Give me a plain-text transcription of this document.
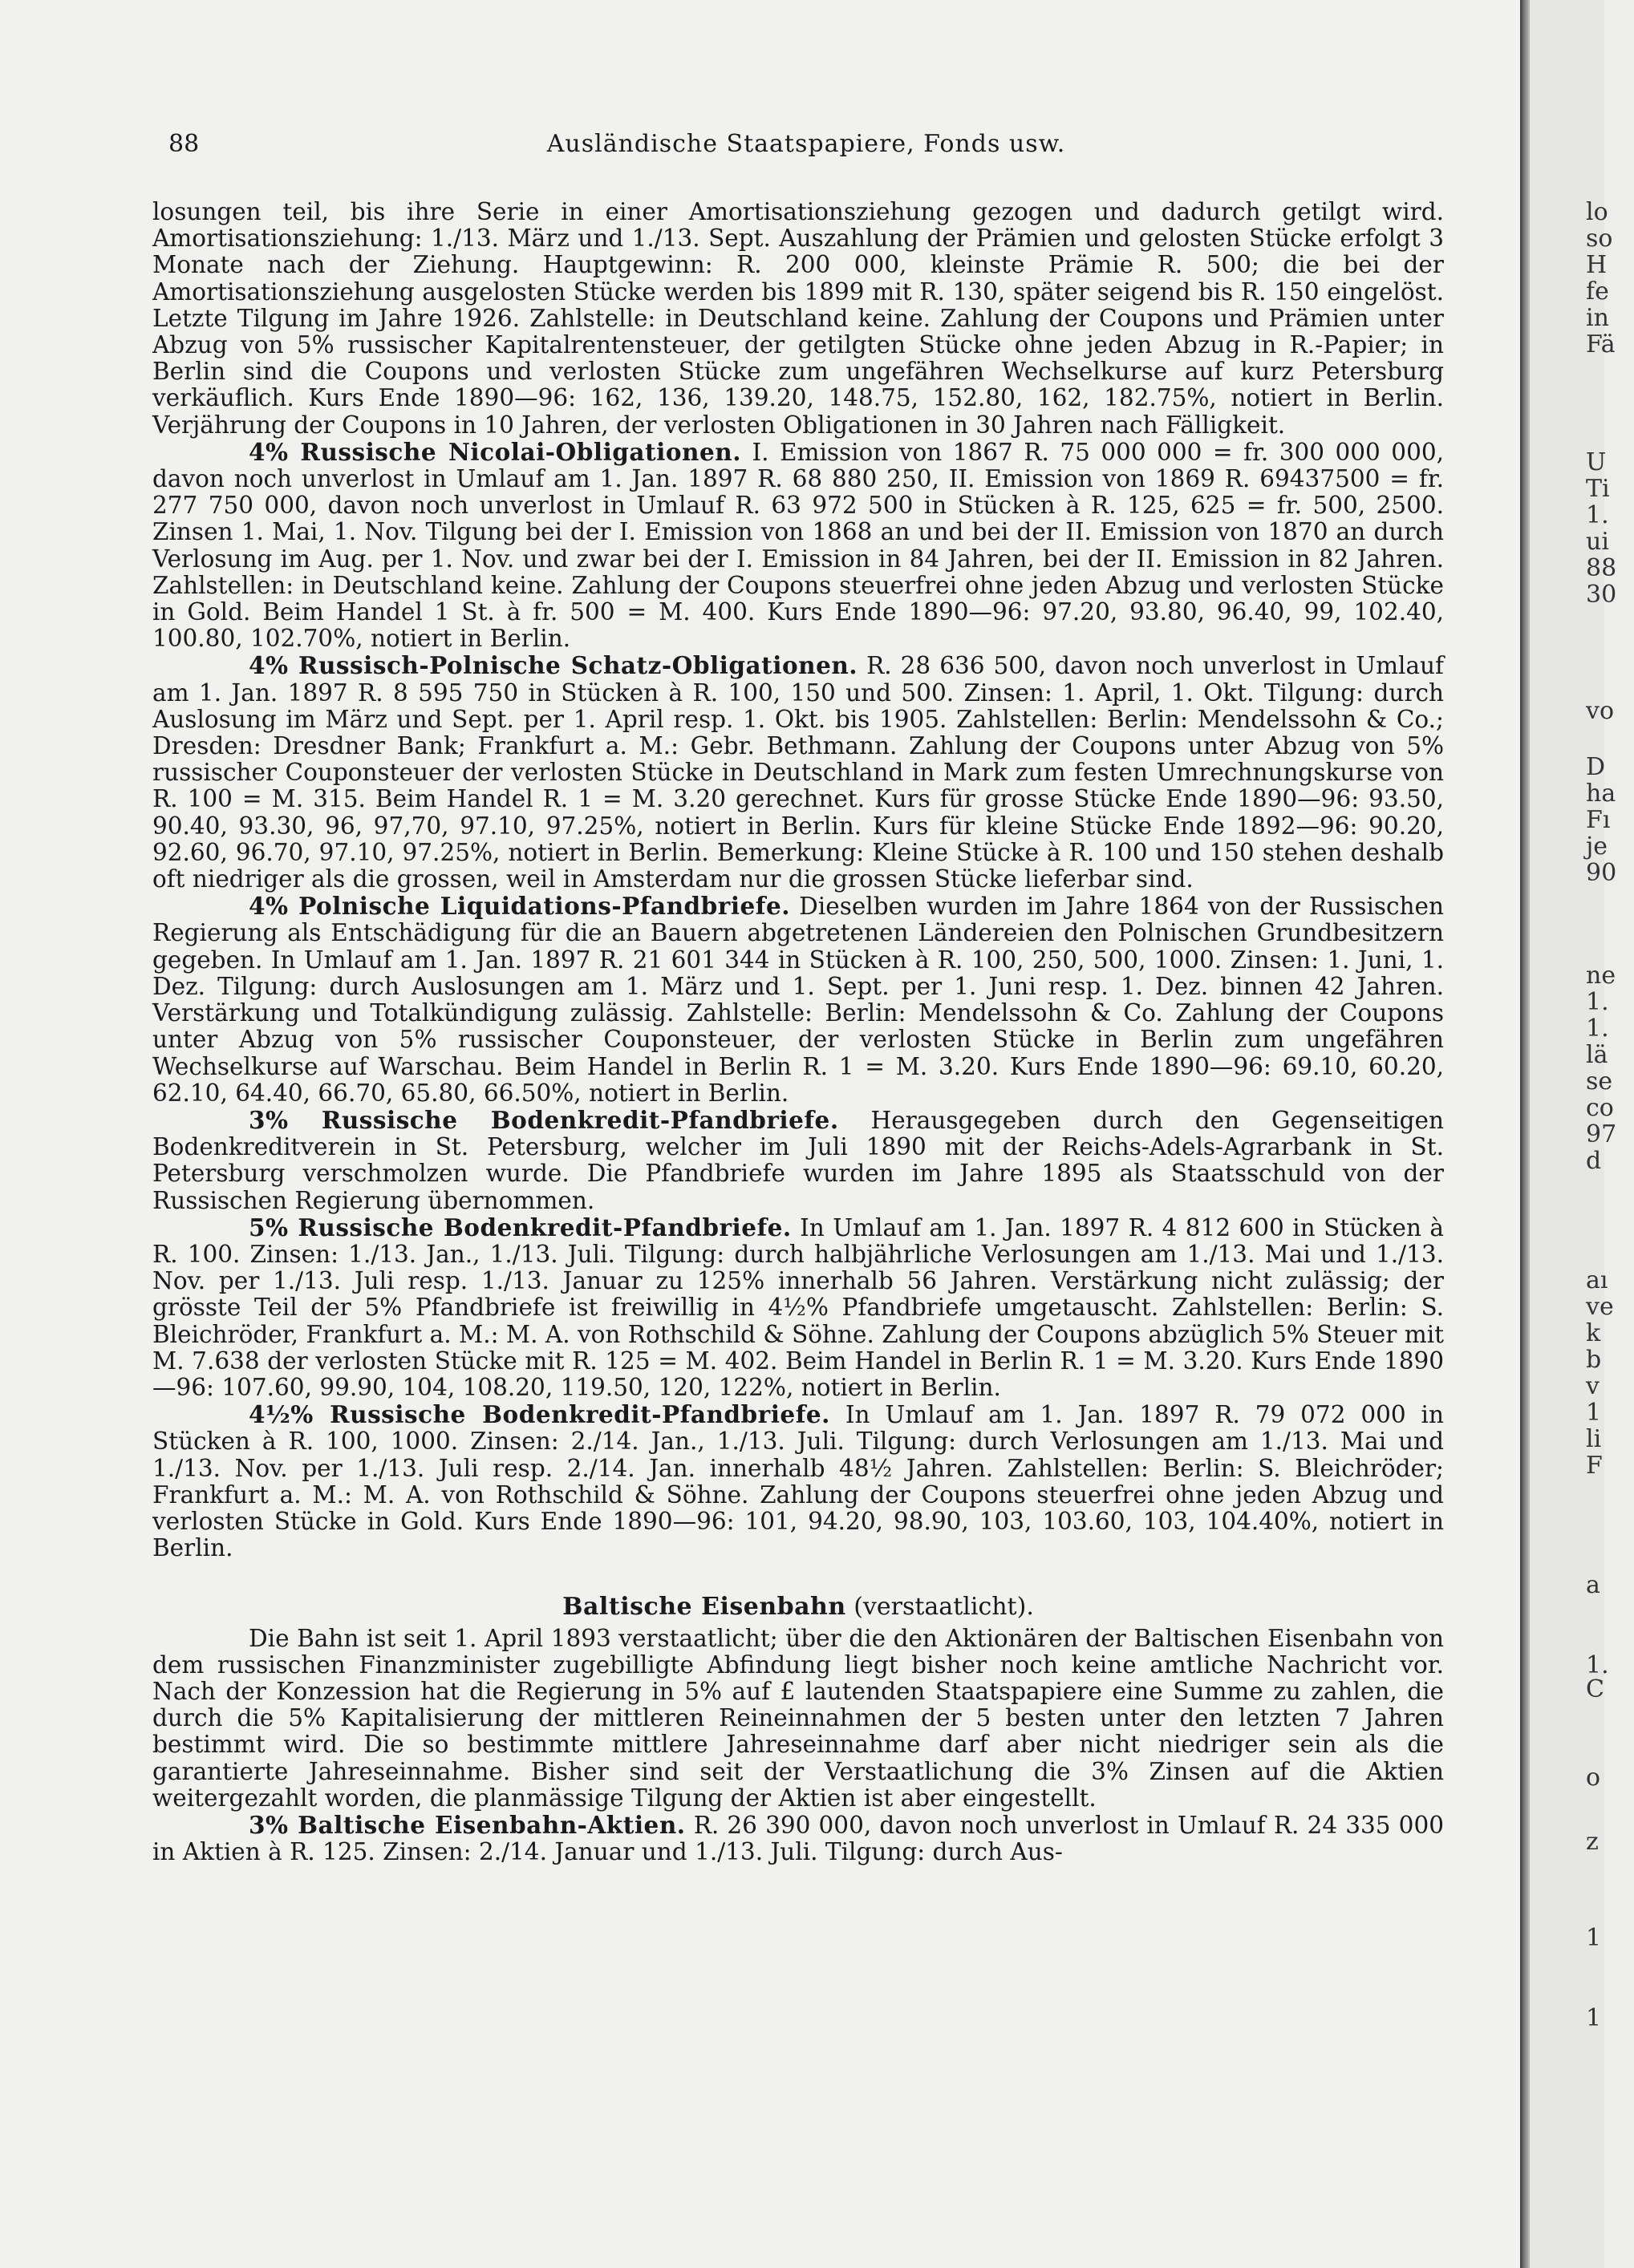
88	Ausländische Staatspapiere, Fonds usw.

losungen teil, bis ihre Serie in einer Amortisationsziehung gezogen und dadurch getilgt wird. Amortisationsziehung: 1./13. März und 1./13. Sept. Auszahlung der Prämien und gelosten Stücke erfolgt 3 Monate nach der Ziehung. Hauptgewinn: R. 200 000, kleinste Prämie R. 500; die bei der Amortisationsziehung ausgelosten Stücke werden bis 1899 mit R. 130, später seigend bis R. 150 eingelöst. Letzte Tilgung im Jahre 1926. Zahlstelle: in Deutschland keine. Zahlung der Coupons und Prämien unter Abzug von 5% russischer Kapitalrentensteuer, der getilgten Stücke ohne jeden Abzug in R.-Papier; in Berlin sind die Coupons und verlosten Stücke zum ungefähren Wechselkurse auf kurz Petersburg verkäuflich. Kurs Ende 1890—96: 162, 136, 139.20, 148.75, 152.80, 162, 182.75%, notiert in Berlin. Verjährung der Coupons in 10 Jahren, der verlosten Obligationen in 30 Jahren nach Fälligkeit.

4% Russische Nicolai-Obligationen. I. Emission von 1867 R. 75 000 000 = fr. 300 000 000, davon noch unverlost in Umlauf am 1. Jan. 1897 R. 68 880 250, II. Emission von 1869 R. 69437500 = fr. 277 750 000, davon noch unverlost in Umlauf R. 63 972 500 in Stücken à R. 125, 625 = fr. 500, 2500. Zinsen 1. Mai, 1. Nov. Tilgung bei der I. Emission von 1868 an und bei der II. Emission von 1870 an durch Verlosung im Aug. per 1. Nov. und zwar bei der I. Emission in 84 Jahren, bei der II. Emission in 82 Jahren. Zahlstellen: in Deutschland keine. Zahlung der Coupons steuerfrei ohne jeden Abzug und verlosten Stücke in Gold. Beim Handel 1 St. à fr. 500 = M. 400. Kurs Ende 1890—96: 97.20, 93.80, 96.40, 99, 102.40, 100.80, 102.70%, notiert in Berlin.

4% Russisch-Polnische Schatz-Obligationen. R. 28 636 500, davon noch unverlost in Umlauf am 1. Jan. 1897 R. 8 595 750 in Stücken à R. 100, 150 und 500. Zinsen: 1. April, 1. Okt. Tilgung: durch Auslosung im März und Sept. per 1. April resp. 1. Okt. bis 1905. Zahlstellen: Berlin: Mendelssohn & Co.; Dresden: Dresdner Bank; Frankfurt a. M.: Gebr. Bethmann. Zahlung der Coupons unter Abzug von 5% russischer Couponsteuer der verlosten Stücke in Deutschland in Mark zum festen Umrechnungskurse von R. 100 = M. 315. Beim Handel R. 1 = M. 3.20 gerechnet. Kurs für grosse Stücke Ende 1890—96: 93.50, 90.40, 93.30, 96, 97,70, 97.10, 97.25%, notiert in Berlin. Kurs für kleine Stücke Ende 1892—96: 90.20, 92.60, 96.70, 97.10, 97.25%, notiert in Berlin. Bemerkung: Kleine Stücke à R. 100 und 150 stehen deshalb oft niedriger als die grossen, weil in Amsterdam nur die grossen Stücke lieferbar sind.

4% Polnische Liquidations-Pfandbriefe. Dieselben wurden im Jahre 1864 von der Russischen Regierung als Entschädigung für die an Bauern abgetretenen Ländereien den Polnischen Grundbesitzern gegeben. In Umlauf am 1. Jan. 1897 R. 21 601 344 in Stücken à R. 100, 250, 500, 1000. Zinsen: 1. Juni, 1. Dez. Tilgung: durch Auslosungen am 1. März und 1. Sept. per 1. Juni resp. 1. Dez. binnen 42 Jahren. Verstärkung und Totalkündigung zulässig. Zahlstelle: Berlin: Mendelssohn & Co. Zahlung der Coupons unter Abzug von 5% russischer Couponsteuer, der verlosten Stücke in Berlin zum ungefähren Wechselkurse auf Warschau. Beim Handel in Berlin R. 1 = M. 3.20. Kurs Ende 1890—96: 69.10, 60.20, 62.10, 64.40, 66.70, 65.80, 66.50%, notiert in Berlin.

3% Russische Bodenkredit-Pfandbriefe. Herausgegeben durch den Gegenseitigen Bodenkreditverein in St. Petersburg, welcher im Juli 1890 mit der Reichs-Adels-Agrarbank in St. Petersburg verschmolzen wurde. Die Pfandbriefe wurden im Jahre 1895 als Staatsschuld von der Russischen Regierung übernommen.

5% Russische Bodenkredit-Pfandbriefe. In Umlauf am 1. Jan. 1897 R. 4 812 600 in Stücken à R. 100. Zinsen: 1./13. Jan., 1./13. Juli. Tilgung: durch halbjährliche Verlosungen am 1./13. Mai und 1./13. Nov. per 1./13. Juli resp. 1./13. Januar zu 125% innerhalb 56 Jahren. Verstärkung nicht zulässig; der grösste Teil der 5% Pfandbriefe ist freiwillig in 4½% Pfandbriefe umgetauscht. Zahlstellen: Berlin: S. Bleichröder, Frankfurt a. M.: M. A. von Rothschild & Söhne. Zahlung der Coupons abzüglich 5% Steuer mit M. 7.638 der verlosten Stücke mit R. 125 = M. 402. Beim Handel in Berlin R. 1 = M. 3.20. Kurs Ende 1890—96: 107.60, 99.90, 104, 108.20, 119.50, 120, 122%, notiert in Berlin.

4½% Russische Bodenkredit-Pfandbriefe. In Umlauf am 1. Jan. 1897 R. 79 072 000 in Stücken à R. 100, 1000. Zinsen: 2./14. Jan., 1./13. Juli. Tilgung: durch Verlosungen am 1./13. Mai und 1./13. Nov. per 1./13. Juli resp. 2./14. Jan. innerhalb 48½ Jahren. Zahlstellen: Berlin: S. Bleichröder; Frankfurt a. M.: M. A. von Rothschild & Söhne. Zahlung der Coupons steuerfrei ohne jeden Abzug und verlosten Stücke in Gold. Kurs Ende 1890—96: 101, 94.20, 98.90, 103, 103.60, 103, 104.40%, notiert in Berlin.

Baltische Eisenbahn (verstaatlicht).

Die Bahn ist seit 1. April 1893 verstaatlicht; über die den Aktionären der Baltischen Eisenbahn von dem russischen Finanzminister zugebilligte Abfindung liegt bisher noch keine amtliche Nachricht vor. Nach der Konzession hat die Regierung in 5% auf £ lautenden Staatspapiere eine Summe zu zahlen, die durch die 5% Kapitalisierung der mittleren Reineinnahmen der 5 besten unter den letzten 7 Jahren bestimmt wird. Die so bestimmte mittlere Jahreseinnahme darf aber nicht niedriger sein als die garantierte Jahreseinnahme. Bisher sind seit der Verstaatlichung die 3% Zinsen auf die Aktien weitergezahlt worden, die planmässige Tilgung der Aktien ist aber eingestellt.

3% Baltische Eisenbahn-Aktien. R. 26 390 000, davon noch unverlost in Umlauf R. 24 335 000 in Aktien à R. 125. Zinsen: 2./14. Januar und 1./13. Juli. Tilgung: durch Aus-

lo
so
H
fe
in
Fä
U
Ti
1.
ui
88
30
vo
D
ha
Fı
je
90
ne
1.
1.
lä
se
co
97
d
aı
ve
k
b
v
1
li
F
a
1.
C
o
z
1
1
